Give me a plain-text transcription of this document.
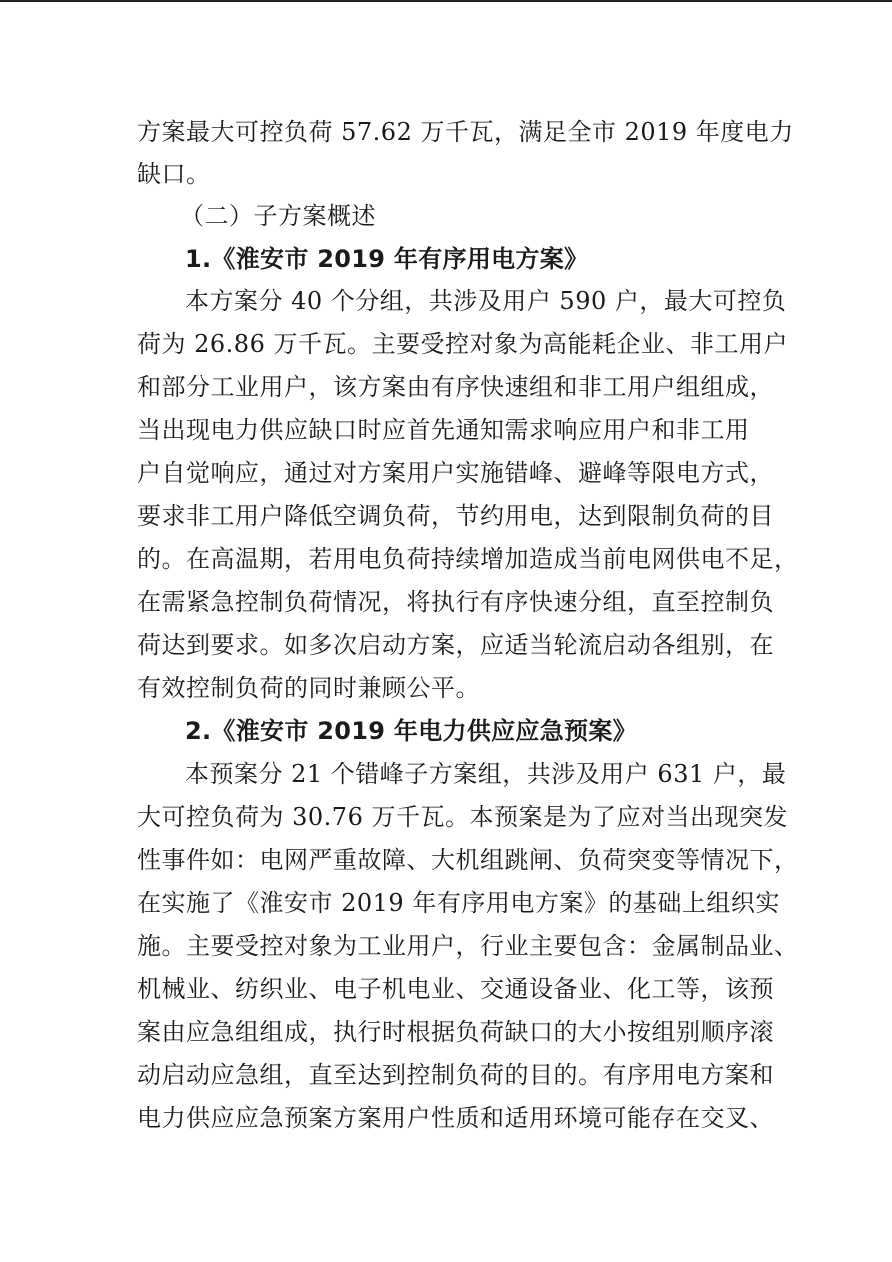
方案最大可控负荷 57.62 万千瓦，满足全市 2019 年度电力
缺口。
（二）子方案概述
1.《淮安市 2019 年有序用电方案》
本方案分 40 个分组，共涉及用户 590 户，最大可控负
荷为 26.86 万千瓦。主要受控对象为高能耗企业、非工用户
和部分工业用户，该方案由有序快速组和非工用户组组成，
当出现电力供应缺口时应首先通知需求响应用户和非工用
户自觉响应，通过对方案用户实施错峰、避峰等限电方式，
要求非工用户降低空调负荷，节约用电，达到限制负荷的目
的。在高温期，若用电负荷持续增加造成当前电网供电不足，
在需紧急控制负荷情况，将执行有序快速分组，直至控制负
荷达到要求。如多次启动方案，应适当轮流启动各组别，在
有效控制负荷的同时兼顾公平。
2.《淮安市 2019 年电力供应应急预案》
本预案分 21 个错峰子方案组，共涉及用户 631 户，最
大可控负荷为 30.76 万千瓦。本预案是为了应对当出现突发
性事件如：电网严重故障、大机组跳闸、负荷突变等情况下，
在实施了《淮安市 2019 年有序用电方案》的基础上组织实
施。主要受控对象为工业用户，行业主要包含：金属制品业、
机械业、纺织业、电子机电业、交通设备业、化工等，该预
案由应急组组成，执行时根据负荷缺口的大小按组别顺序滚
动启动应急组，直至达到控制负荷的目的。有序用电方案和
电力供应应急预案方案用户性质和适用环境可能存在交叉、
